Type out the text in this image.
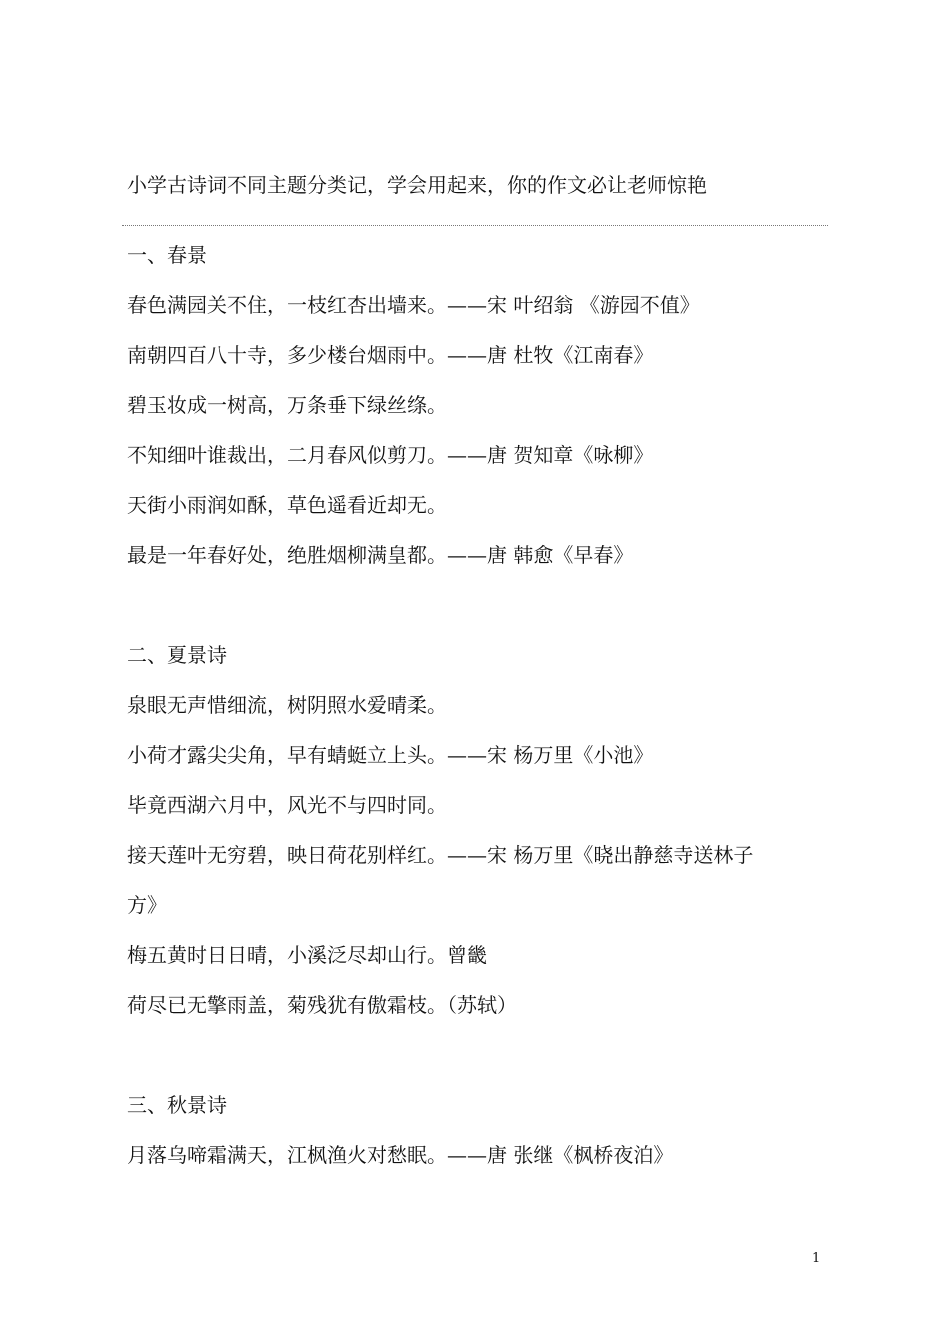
小学古诗词不同主题分类记，学会用起来，你的作文必让老师惊艳
一、春景
春色满园关不住，一枝红杏出墙来。——宋 叶绍翁 《游园不值》
南朝四百八十寺，多少楼台烟雨中。——唐 杜牧《江南春》
碧玉妆成一树高，万条垂下绿丝绦。
不知细叶谁裁出，二月春风似剪刀。——唐 贺知章《咏柳》
天街小雨润如酥，草色遥看近却无。
最是一年春好处，绝胜烟柳满皇都。——唐 韩愈《早春》
二、夏景诗
泉眼无声惜细流，树阴照水爱晴柔。
小荷才露尖尖角，早有蜻蜓立上头。——宋 杨万里《小池》
毕竟西湖六月中，风光不与四时同。
接天莲叶无穷碧，映日荷花别样红。——宋 杨万里《晓出静慈寺送林子
方》
梅五黄时日日晴，小溪泛尽却山行。曾畿
荷尽已无擎雨盖，菊残犹有傲霜枝。（苏轼）
三、秋景诗
月落乌啼霜满天，江枫渔火对愁眠。——唐 张继《枫桥夜泊》
1
